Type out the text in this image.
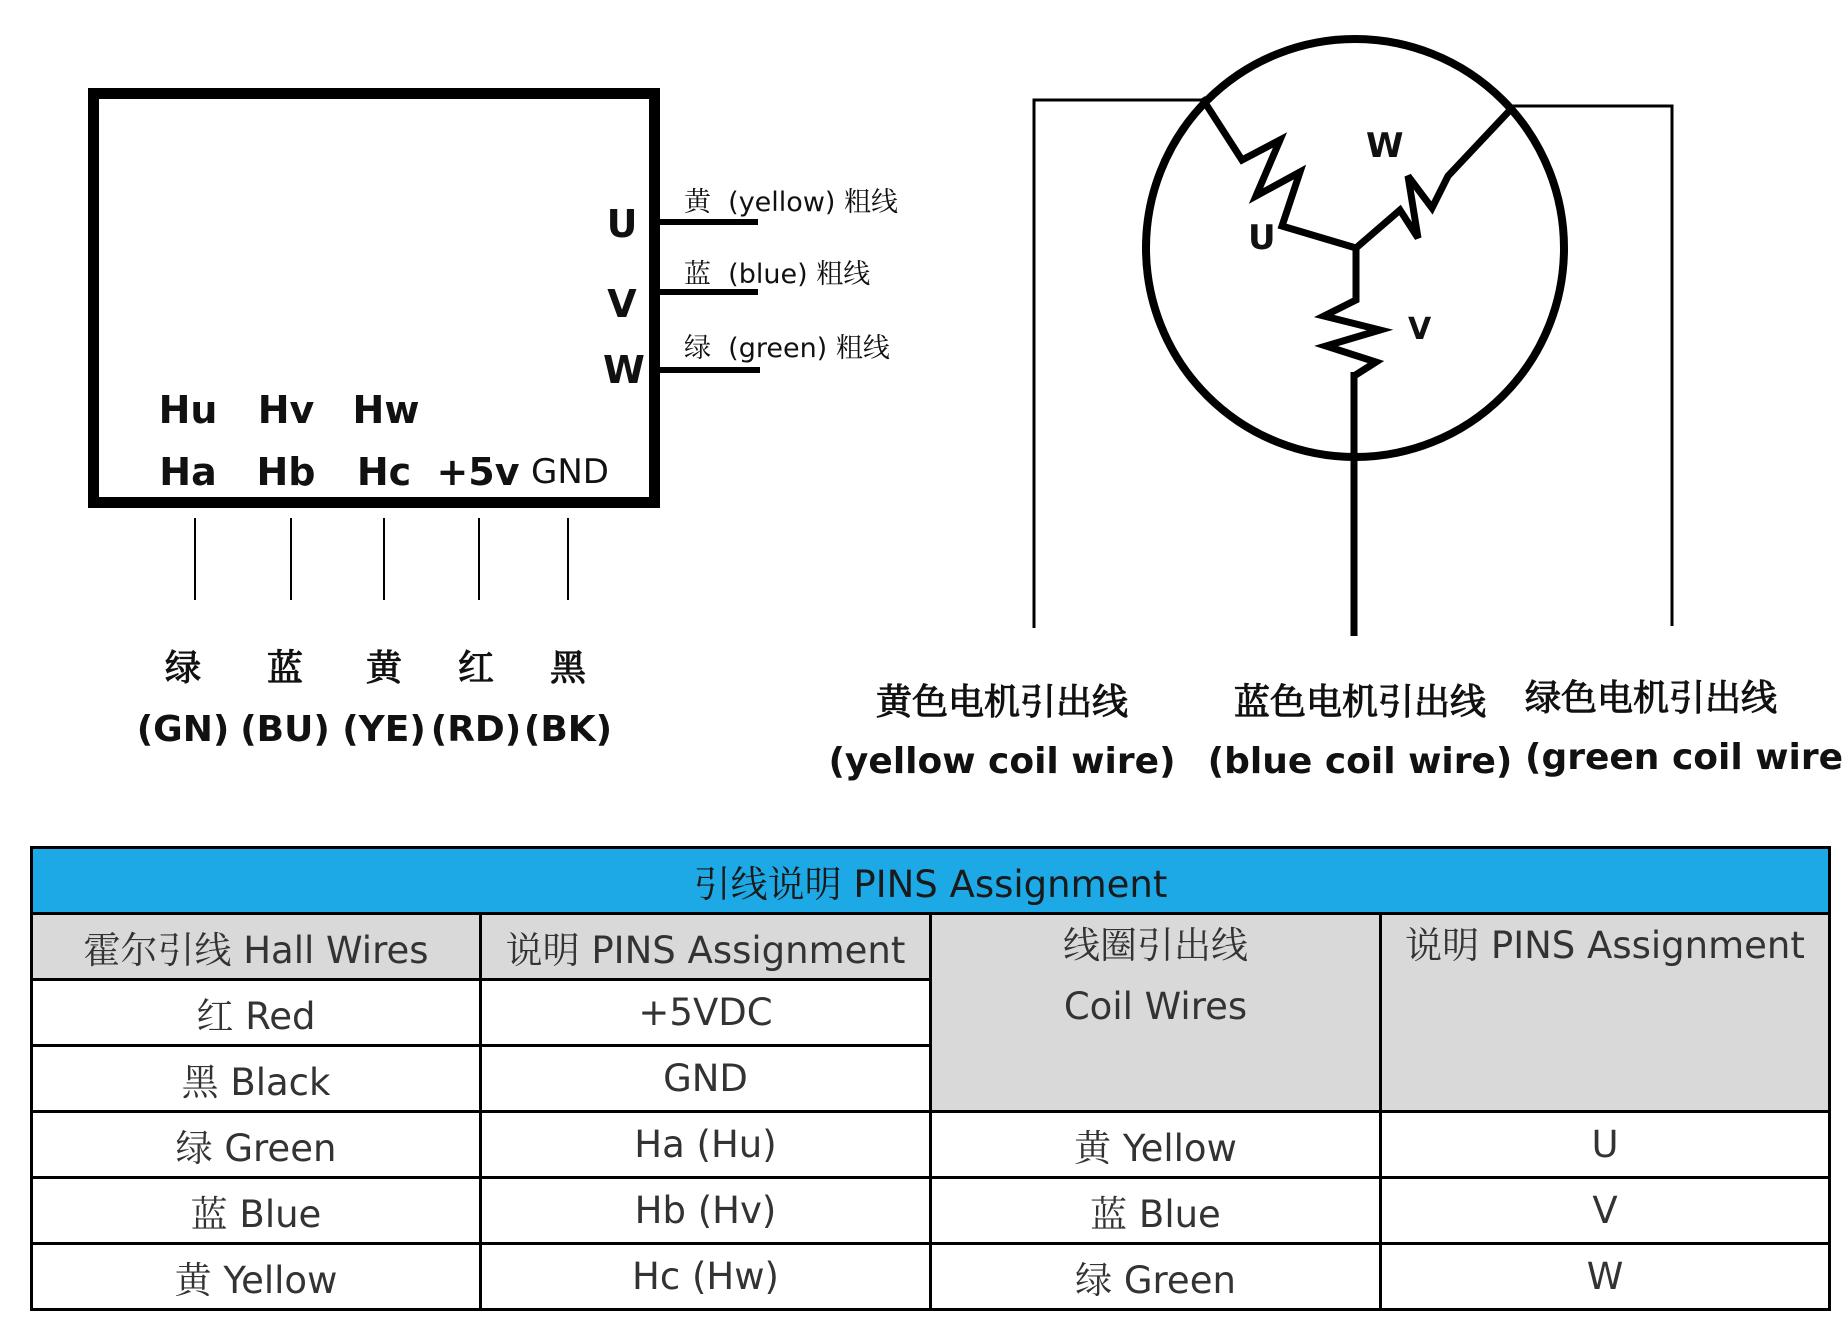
U
V
W
Hu Hv Hw
Ha Hb Hc +5v GND
黄 (yellow) 粗线
蓝 (blue) 粗线
绿 (green) 粗线
绿
(GN)
蓝
(BU)
黄
(YE)
红
(RD)
黑
(BK)
U
W
V
黄色电机引出线
(yellow coil wire)
蓝色电机引出线
(blue coil wire)
绿色电机引出线
(green coil wire
引线说明 PINS Assignment			
霍尔引线 Hall Wires	说明 PINS Assignment	线圈引出线
Coil Wires	说明 PINS Assignment
红 Red	+5VDC		
黑 Black	GND		
绿 Green	Ha (Hu)	黄 Yellow	U
蓝 Blue	Hb (Hv)	蓝 Blue	V
黄 Yellow	Hc (Hw)	绿 Green	W
